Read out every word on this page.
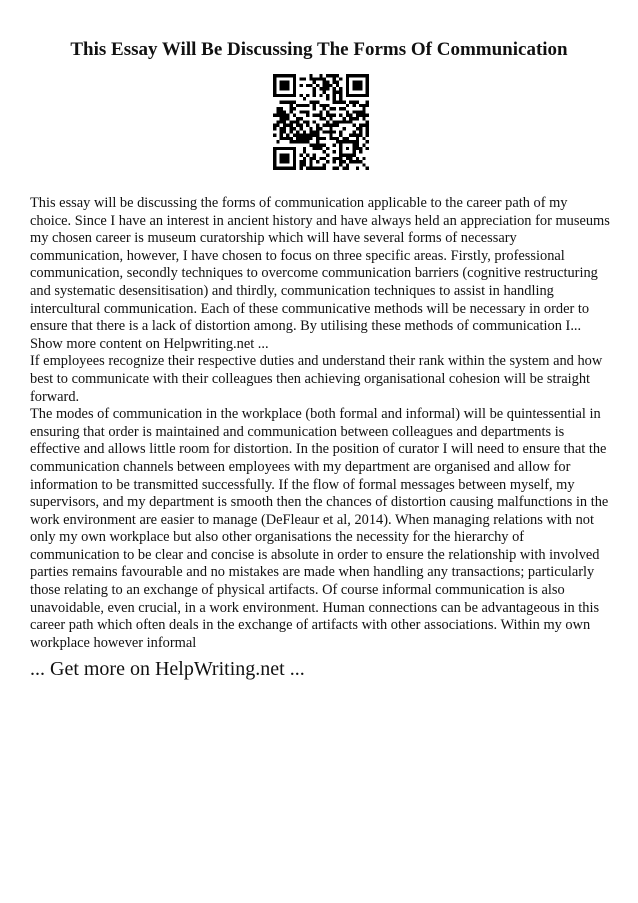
This Essay Will Be Discussing The Forms Of Communication

This essay will be discussing the forms of communication applicable to the career path of my choice. Since I have an interest in ancient history and have always held an appreciation for museums my chosen career is museum curatorship which will have several forms of necessary communication, however, I have chosen to focus on three specific areas. Firstly, professional communication, secondly techniques to overcome communication barriers (cognitive restructuring and systematic desensitisation) and thirdly, communication techniques to assist in handling intercultural communication. Each of these communicative methods will be necessary in order to ensure that there is a lack of distortion among. By utilising these methods of communication I...

Show more content on Helpwriting.net ...

If employees recognize their respective duties and understand their rank within the system and how best to communicate with their colleagues then achieving organisational cohesion will be straight forward.

The modes of communication in the workplace (both formal and informal) will be quintessential in ensuring that order is maintained and communication between colleagues and departments is effective and allows little room for distortion. In the position of curator I will need to ensure that the communication channels between employees with my department are organised and allow for information to be transmitted successfully. If the flow of formal messages between myself, my supervisors, and my department is smooth then the chances of distortion causing malfunctions in the work environment are easier to manage (DeFleaur et al, 2014). When managing relations with not only my own workplace but also other organisations the necessity for the hierarchy of communication to be clear and concise is absolute in order to ensure the relationship with involved parties remains favourable and no mistakes are made when handling any transactions; particularly those relating to an exchange of physical artifacts. Of course informal communication is also unavoidable, even crucial, in a work environment. Human connections can be advantageous in this career path which often deals in the exchange of artifacts with other associations. Within my own workplace however informal

... Get more on HelpWriting.net ...
